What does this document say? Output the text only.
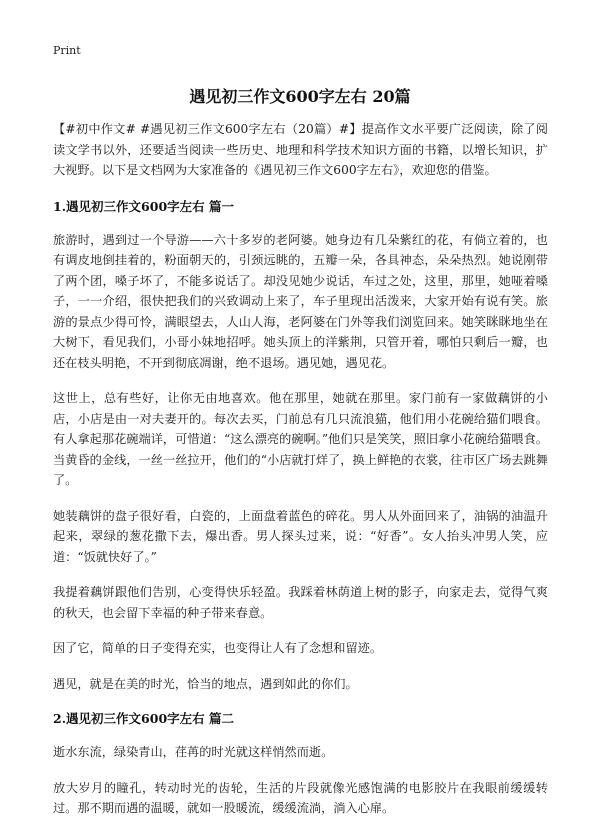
Print
遇见初三作文600字左右 20篇

【#初中作文# #遇见初三作文600字左右（20篇）#】提高作文水平要广泛阅读，除了阅读文学书以外，还要适当阅读一些历史、地理和科学技术知识方面的书籍，以增长知识，扩大视野。以下是文档网为大家准备的《遇见初三作文600字左右》，欢迎您的借鉴。

1.遇见初三作文600字左右 篇一

旅游时，遇到过一个导游——六十多岁的老阿婆。她身边有几朵紫红的花，有倘立着的，也有调皮地倒挂着的，粉面朝天的，引颈远眺的，五瓣一朵，各具神态，朵朵热烈。她说刚带了两个团，嗓子坏了，不能多说话了。却没见她少说话，车过之处，这里，那里，她哑着嗓子，一一介绍，很快把我们的兴致调动上来了，车子里现出活泼来，大家开始有说有笑。旅游的景点少得可怜，满眼望去，人山人海，老阿婆在门外等我们浏览回来。她笑眯眯地坐在大树下，看见我们，小哥小妹地招呼。她头顶上的洋紫荆，只管开着，哪怕只剩后一瓣，也还在枝头明艳，不开到彻底凋谢，绝不退场。遇见她，遇见花。

这世上，总有些好，让你无由地喜欢。他在那里，她就在那里。家门前有一家做藕饼的小店，小店是由一对夫妻开的。每次去买，门前总有几只流浪猫，他们用小花碗给猫们喂食。有人拿起那花碗端详，可惜道：“这么漂亮的碗啊。”他们只是笑笑，照旧拿小花碗给猫喂食。当黄昏的金线，一丝一丝拉开，他们的“小店就打烊了，换上鲜艳的衣裳，往市区广场去跳舞了。

她装藕饼的盘子很好看，白瓷的，上面盘着蓝色的碎花。男人从外面回来了，油锅的油温升起来，翠绿的葱花撒下去，爆出香。男人探头过来，说：“好香”。女人抬头冲男人笑，应道：“饭就快好了。”

我提着藕饼跟他们告别，心变得快乐轻盈。我踩着林荫道上树的影子，向家走去，觉得气爽的秋天，也会留下幸福的种子带来春意。

因了它，简单的日子变得充实，也变得让人有了念想和留迹。

遇见，就是在美的时光，恰当的地点，遇到如此的你们。

2.遇见初三作文600字左右 篇二

逝水东流，绿染青山，荏苒的时光就这样悄然而逝。

放大岁月的瞳孔，转动时光的齿轮，生活的片段就像光感饱满的电影胶片在我眼前缓缓转过。那不期而遇的温暖，就如一股暖流，缓缓流淌，淌入心扉。
